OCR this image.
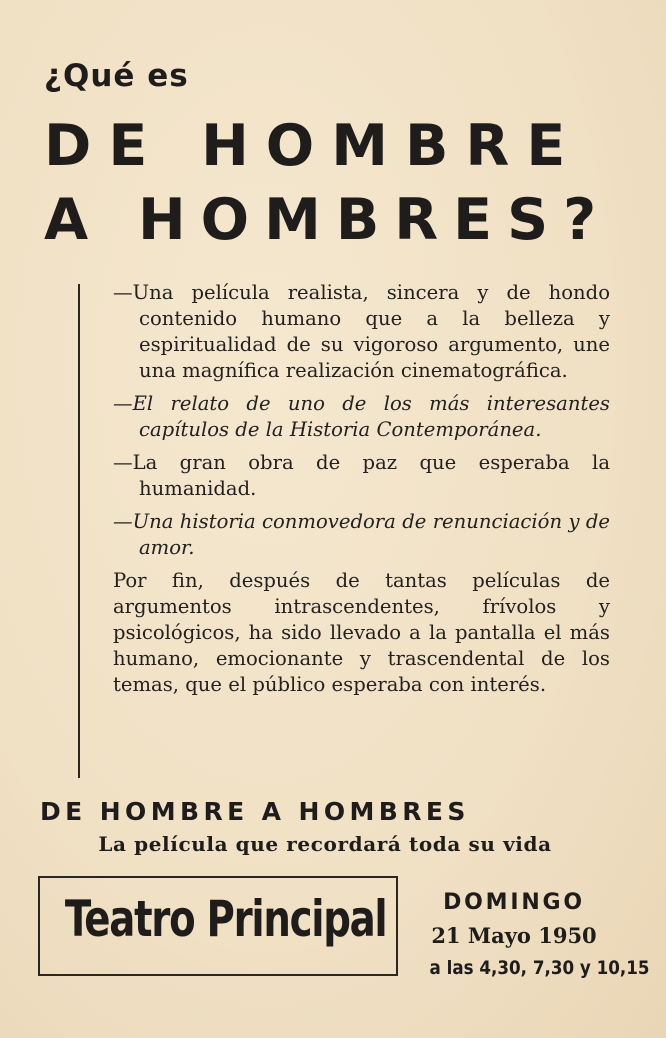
¿Qué es
DE HOMBRE
A HOMBRES?

—Una película realista, sincera y de hondo contenido humano que a la belleza y espiritualidad de su vigoroso argumento, une una magnífica realización cinematográfica.

—El relato de uno de los más interesantes capítulos de la Historia Contemporánea.

—La gran obra de paz que esperaba la humanidad.

—Una historia conmovedora de renunciación y de amor.

Por fin, después de tantas películas de argumentos intrascendentes, frívolos y psicológicos, ha sido llevado a la pantalla el más humano, emocionante y trascendental de los temas, que el público esperaba con interés.

DE HOMBRE A HOMBRES
La película que recordará toda su vida
Teatro Principal	DOMINGO
21 Mayo 1950
a las 4,30, 7,30 y 10,15
